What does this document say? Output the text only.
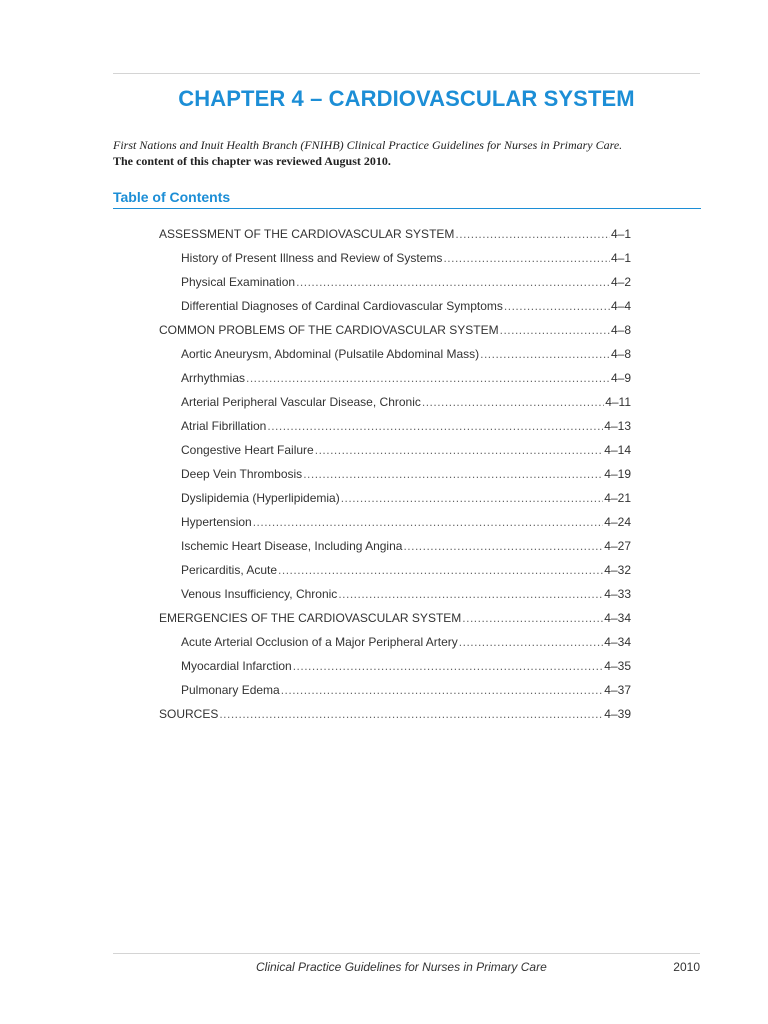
CHAPTER 4 – CARDIOVASCULAR SYSTEM
First Nations and Inuit Health Branch (FNIHB) Clinical Practice Guidelines for Nurses in Primary Care.
The content of this chapter was reviewed August 2010.
Table of Contents
ASSESSMENT OF THE CARDIOVASCULAR SYSTEM .....	4–1
History of Present Illness and Review of Systems .....	4–1
Physical Examination .....	4–2
Differential Diagnoses of Cardinal Cardiovascular Symptoms .....	4–4
COMMON PROBLEMS OF THE CARDIOVASCULAR SYSTEM .....	4–8
Aortic Aneurysm, Abdominal (Pulsatile Abdominal Mass) .....	4–8
Arrhythmias .....	4–9
Arterial Peripheral Vascular Disease, Chronic .....	4–11
Atrial Fibrillation .....	4–13
Congestive Heart Failure .....	4–14
Deep Vein Thrombosis .....	4–19
Dyslipidemia (Hyperlipidemia) .....	4–21
Hypertension .....	4–24
Ischemic Heart Disease, Including Angina .....	4–27
Pericarditis, Acute .....	4–32
Venous Insufficiency, Chronic .....	4–33
EMERGENCIES OF THE CARDIOVASCULAR SYSTEM .....	4–34
Acute Arterial Occlusion of a Major Peripheral Artery .....	4–34
Myocardial Infarction .....	4–35
Pulmonary Edema .....	4–37
SOURCES .....	4–39
Clinical Practice Guidelines for Nurses in Primary Care	2010
